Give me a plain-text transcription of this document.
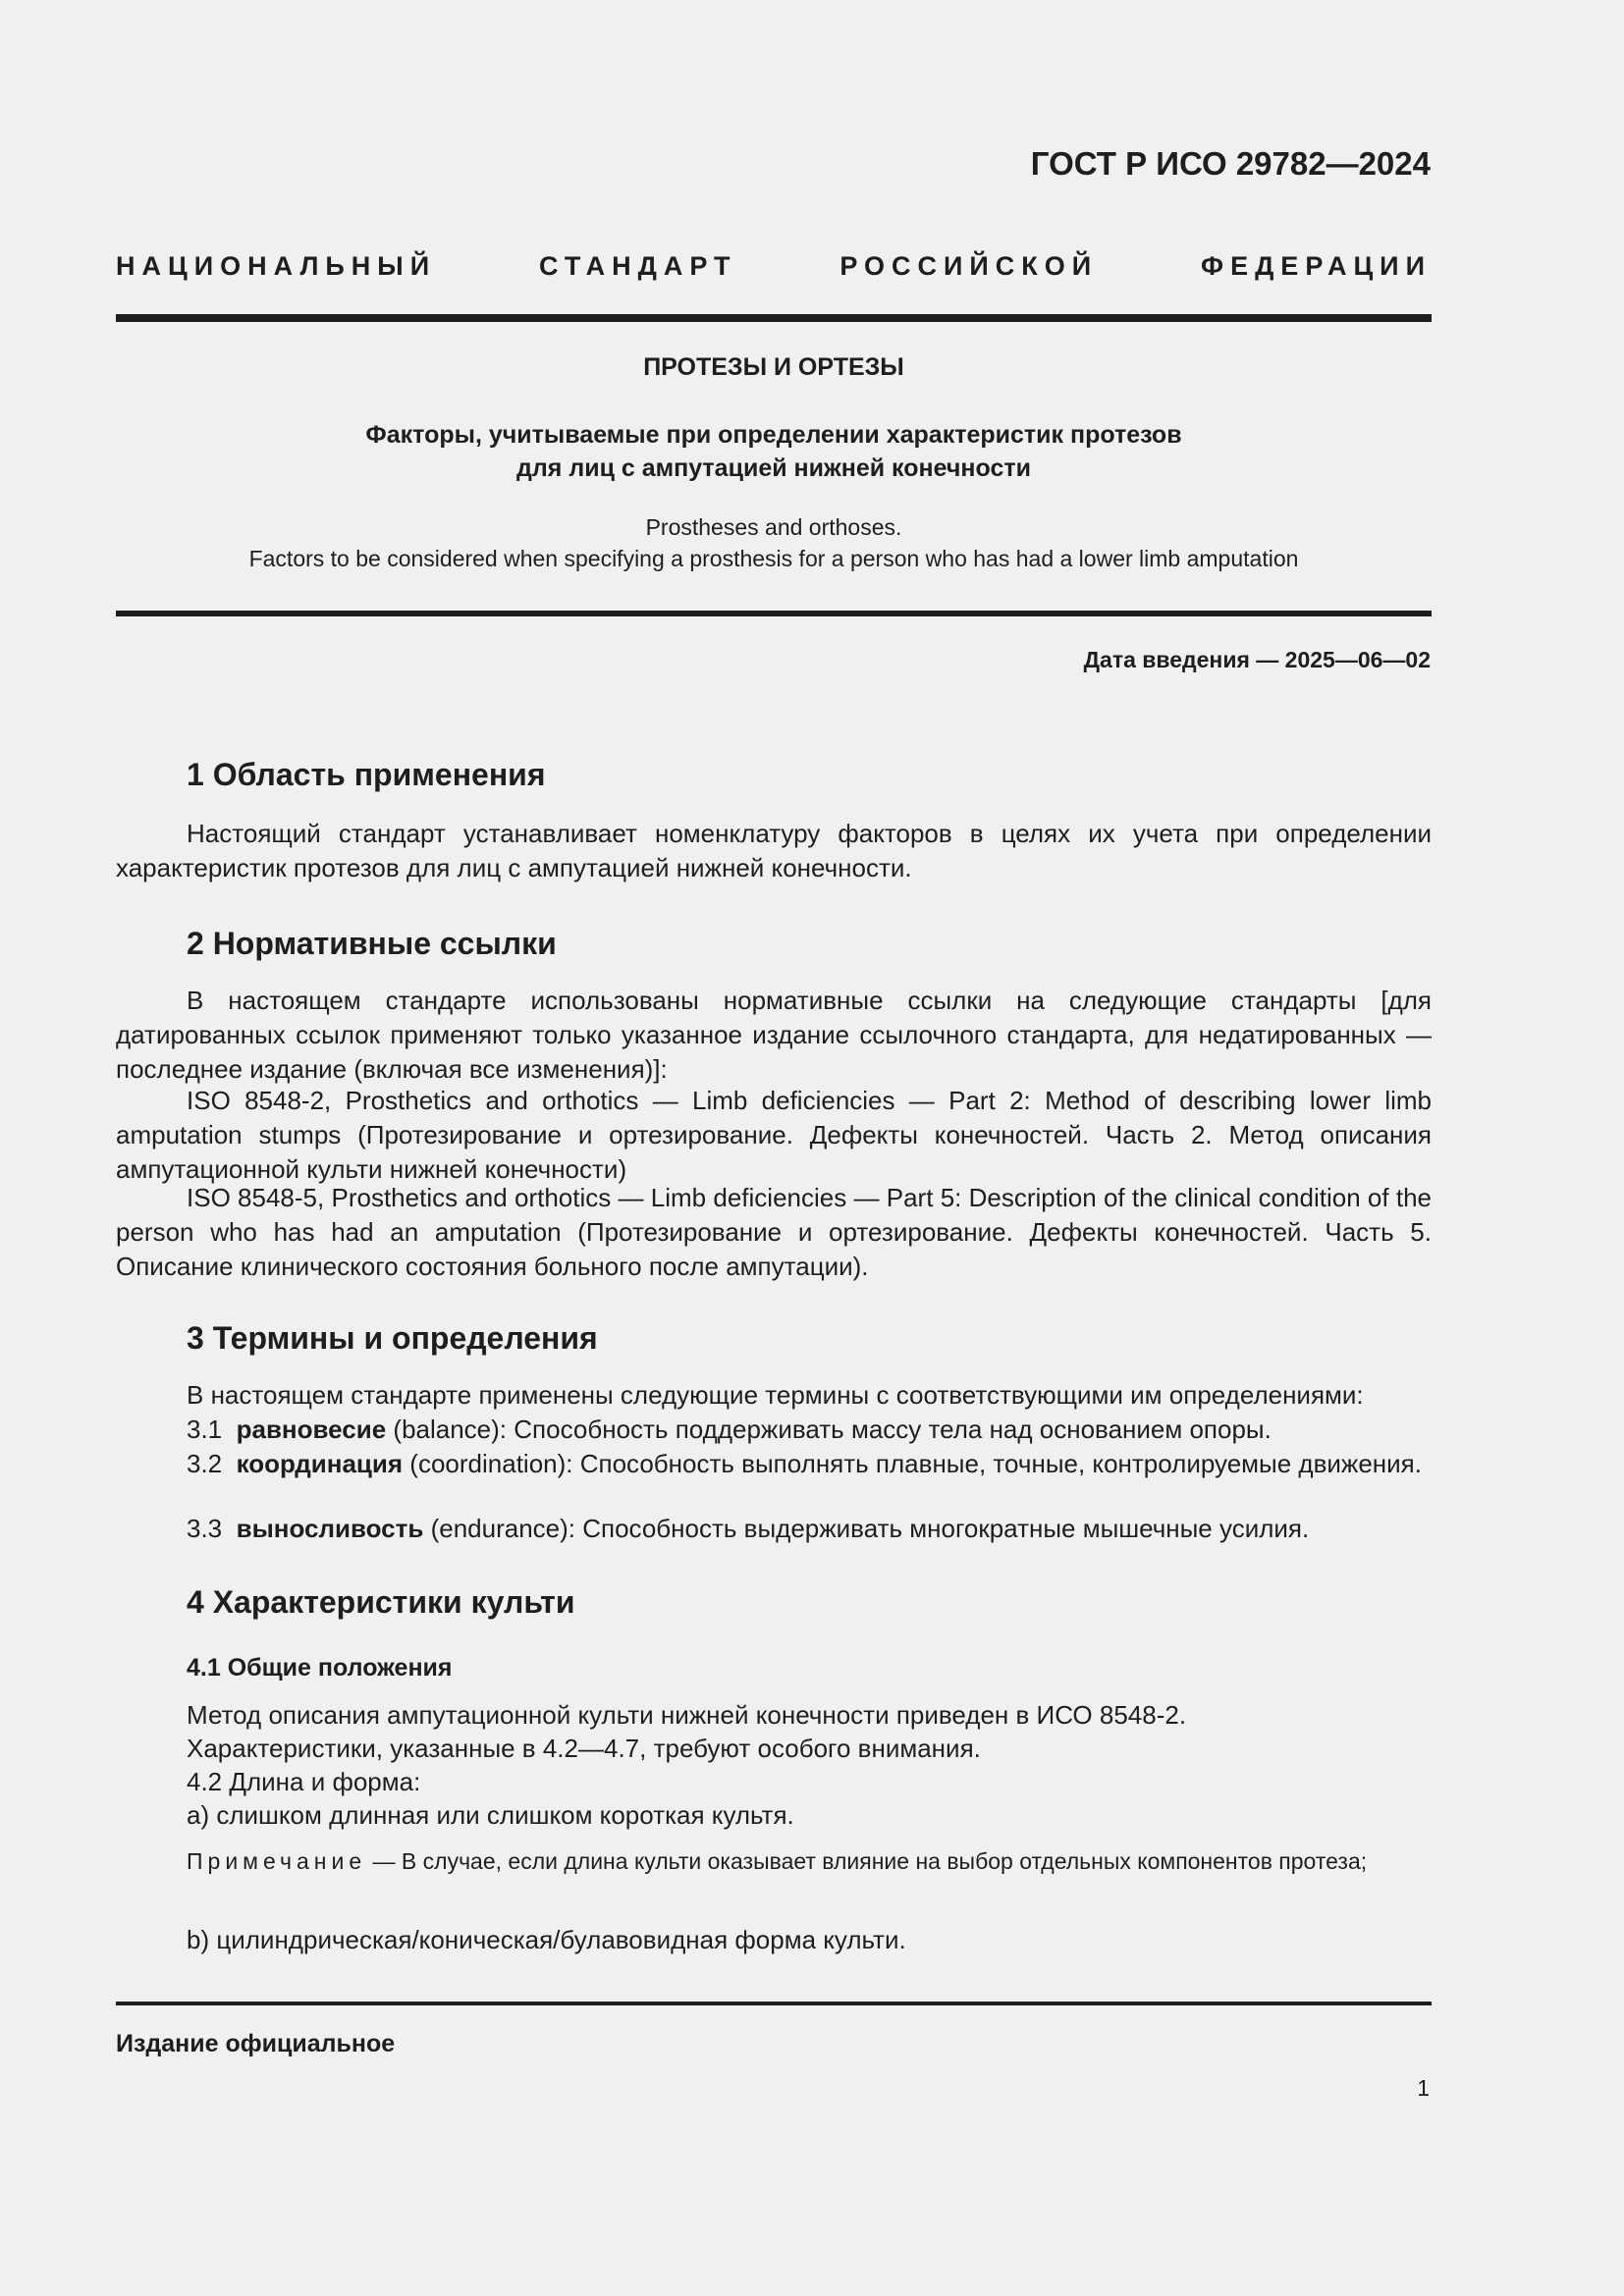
ГОСТ Р ИСО 29782—2024
НАЦИОНАЛЬНЫЙ СТАНДАРТ РОССИЙСКОЙ ФЕДЕРАЦИИ
ПРОТЕЗЫ И ОРТЕЗЫ
Факторы, учитываемые при определении характеристик протезов
для лиц с ампутацией нижней конечности
Prostheses and orthoses.
Factors to be considered when specifying a prosthesis for a person who has had a lower limb amputation
Дата введения — 2025—06—02
1 Область применения
Настоящий стандарт устанавливает номенклатуру факторов в целях их учета при определении характеристик протезов для лиц с ампутацией нижней конечности.
2 Нормативные ссылки
В настоящем стандарте использованы нормативные ссылки на следующие стандарты [для датированных ссылок применяют только указанное издание ссылочного стандарта, для недатированных — последнее издание (включая все изменения)]:
ISO 8548-2, Prosthetics and orthotics — Limb deficiencies — Part 2: Method of describing lower limb amputation stumps (Протезирование и ортезирование. Дефекты конечностей. Часть 2. Метод описания ампутационной культи нижней конечности)
ISO 8548-5, Prosthetics and orthotics — Limb deficiencies — Part 5: Description of the clinical condition of the person who has had an amputation (Протезирование и ортезирование. Дефекты конечностей. Часть 5. Описание клинического состояния больного после ампутации).
3 Термины и определения
В настоящем стандарте применены следующие термины с соответствующими им определениями:
3.1 равновесие (balance): Способность поддерживать массу тела над основанием опоры.
3.2 координация (coordination): Способность выполнять плавные, точные, контролируемые движения.
3.3 выносливость (endurance): Способность выдерживать многократные мышечные усилия.
4 Характеристики культи
4.1 Общие положения
Метод описания ампутационной культи нижней конечности приведен в ИСО 8548-2.
Характеристики, указанные в 4.2—4.7, требуют особого внимания.
4.2 Длина и форма:
a) слишком длинная или слишком короткая культя.
Примечание — В случае, если длина культи оказывает влияние на выбор отдельных компонентов протеза;
b) цилиндрическая/коническая/булавовидная форма культи.
Издание официальное
1
